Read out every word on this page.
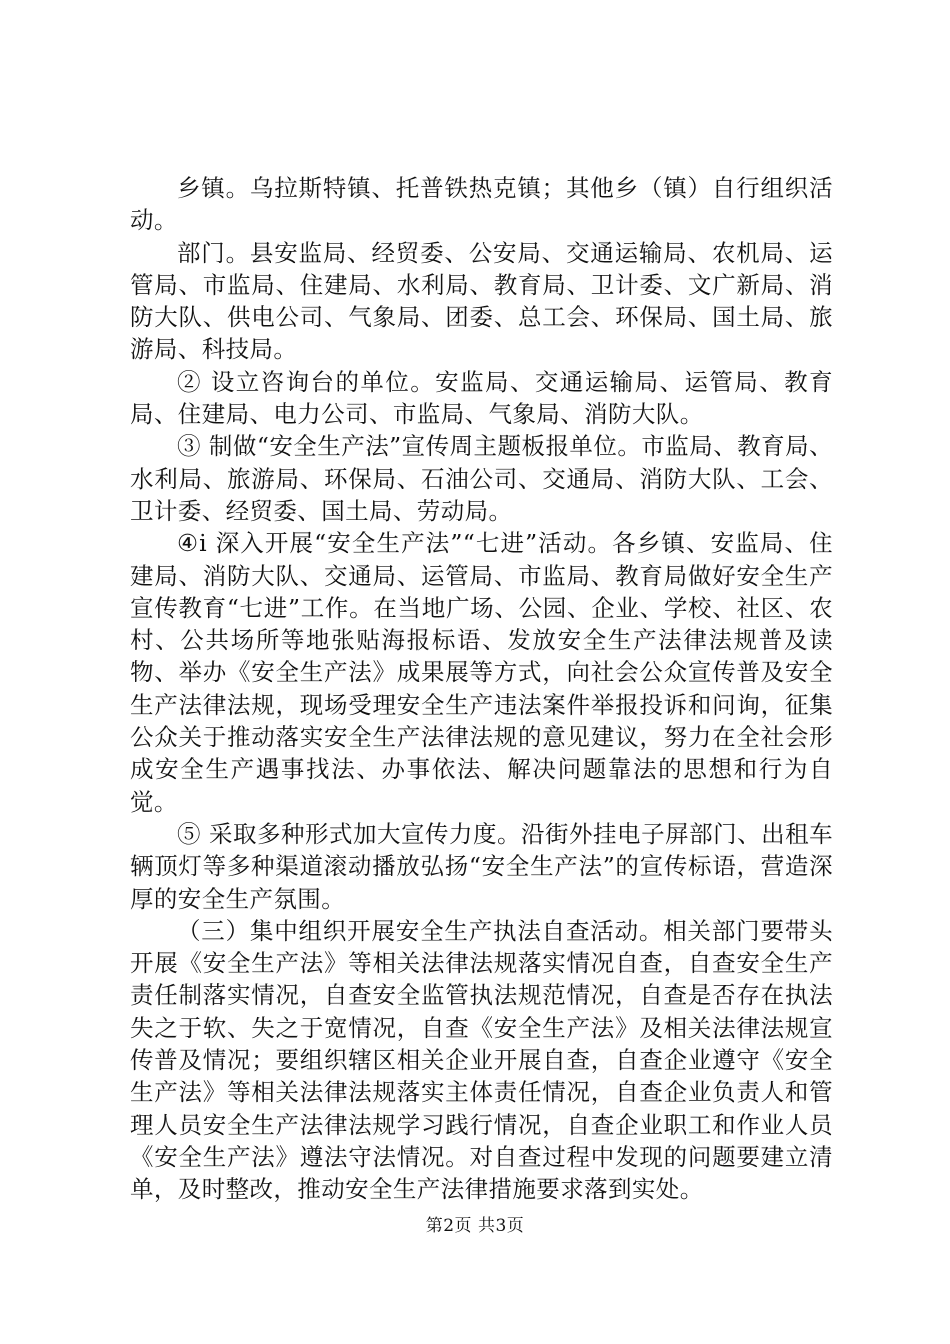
乡镇。乌拉斯特镇、托普铁热克镇；其他乡（镇）自行组织活动。

部门。县安监局、经贸委、公安局、交通运输局、农机局、运管局、市监局、住建局、水利局、教育局、卫计委、文广新局、消防大队、供电公司、气象局、团委、总工会、环保局、国土局、旅游局、科技局。

② 设立咨询台的单位。安监局、交通运输局、运管局、教育局、住建局、电力公司、市监局、气象局、消防大队。

③ 制做“安全生产法”宣传周主题板报单位。市监局、教育局、水利局、旅游局、环保局、石油公司、交通局、消防大队、工会、卫计委、经贸委、国土局、劳动局。

④i 深入开展“安全生产法”“七进”活动。各乡镇、安监局、住建局、消防大队、交通局、运管局、市监局、教育局做好安全生产宣传教育“七进”工作。在当地广场、公园、企业、学校、社区、农村、公共场所等地张贴海报标语、发放安全生产法律法规普及读物、举办《安全生产法》成果展等方式，向社会公众宣传普及安全生产法律法规，现场受理安全生产违法案件举报投诉和问询，征集公众关于推动落实安全生产法律法规的意见建议，努力在全社会形成安全生产遇事找法、办事依法、解决问题靠法的思想和行为自觉。

⑤ 采取多种形式加大宣传力度。沿街外挂电子屏部门、出租车辆顶灯等多种渠道滚动播放弘扬“安全生产法”的宣传标语，营造深厚的安全生产氛围。

（三）集中组织开展安全生产执法自查活动。相关部门要带头开展《安全生产法》等相关法律法规落实情况自查，自查安全生产责任制落实情况，自查安全监管执法规范情况，自查是否存在执法失之于软、失之于宽情况，自查《安全生产法》及相关法律法规宣传普及情况；要组织辖区相关企业开展自查，自查企业遵守《安全生产法》等相关法律法规落实主体责任情况，自查企业负责人和管理人员安全生产法律法规学习践行情况，自查企业职工和作业人员《安全生产法》遵法守法情况。对自查过程中发现的问题要建立清单，及时整改，推动安全生产法律措施要求落到实处。

第2页 共3页
